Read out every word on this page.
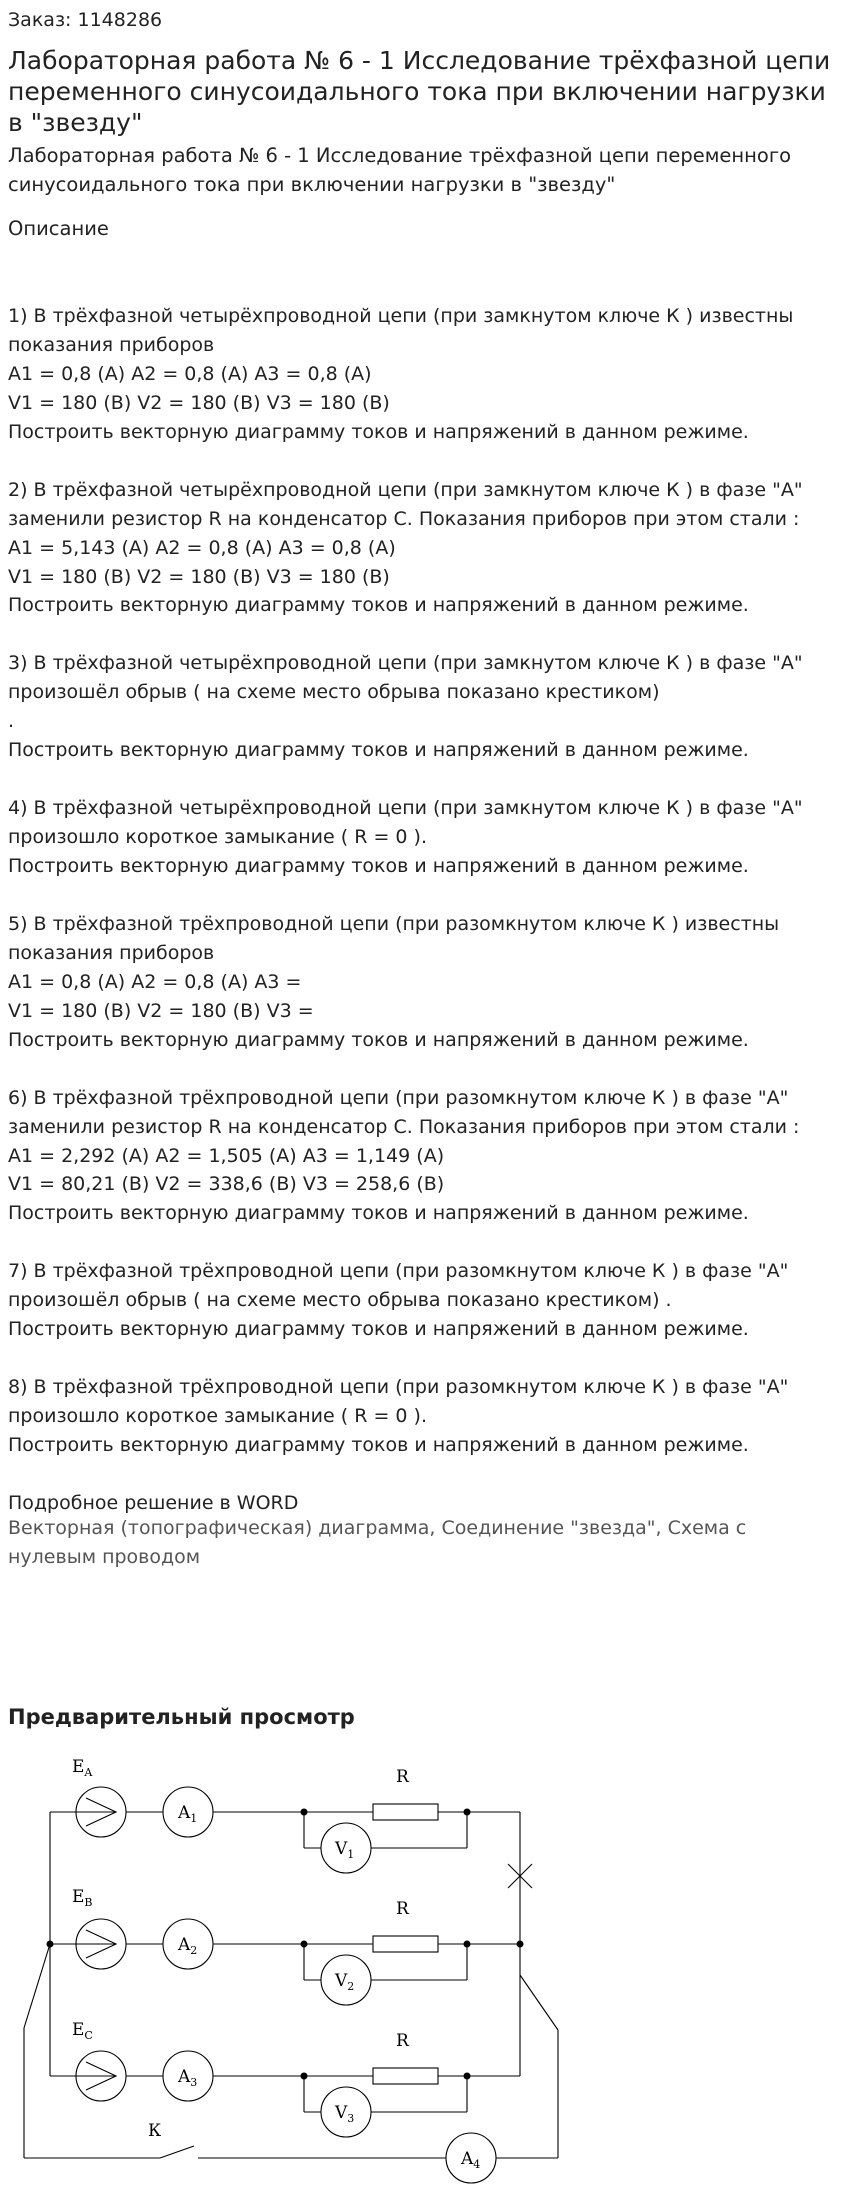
Заказ: 1148286
Лабораторная работа № 6 - 1 Исследование трёхфазной цепи переменного синусоидального тока при включении нагрузки в "звезду"
Лабораторная работа № 6 - 1 Исследование трёхфазной цепи переменного синусоидального тока при включении нагрузки в "звезду"
Описание
1) В трёхфазной четырёхпроводной цепи (при замкнутом ключе К ) известны показания приборов
A1 = 0,8 (A) A2 = 0,8 (A) A3 = 0,8 (A)
V1 = 180 (B) V2 = 180 (B) V3 = 180 (B)
Построить векторную диаграмму токов и напряжений в данном режиме.
2) В трёхфазной четырёхпроводной цепи (при замкнутом ключе К ) в фазе "A" заменили резистор R на конденсатор C. Показания приборов при этом стали :
A1 = 5,143 (A) A2 = 0,8 (A) A3 = 0,8 (A)
V1 = 180 (B) V2 = 180 (B) V3 = 180 (B)
Построить векторную диаграмму токов и напряжений в данном режиме.
3) В трёхфазной четырёхпроводной цепи (при замкнутом ключе К ) в фазе "A" произошёл обрыв ( на схеме место обрыва показано крестиком)
.
Построить векторную диаграмму токов и напряжений в данном режиме.
4) В трёхфазной четырёхпроводной цепи (при замкнутом ключе К ) в фазе "A" произошло короткое замыкание ( R = 0 ).
Построить векторную диаграмму токов и напряжений в данном режиме.
5) В трёхфазной трёхпроводной цепи (при разомкнутом ключе К ) известны показания приборов
A1 = 0,8 (A) A2 = 0,8 (A) A3 =
V1 = 180 (B) V2 = 180 (B) V3 =
Построить векторную диаграмму токов и напряжений в данном режиме.
6) В трёхфазной трёхпроводной цепи (при разомкнутом ключе К ) в фазе "A" заменили резистор R на конденсатор C. Показания приборов при этом стали :
A1 = 2,292 (A) A2 = 1,505 (A) A3 = 1,149 (A)
V1 = 80,21 (B) V2 = 338,6 (B) V3 = 258,6 (B)
Построить векторную диаграмму токов и напряжений в данном режиме.
7) В трёхфазной трёхпроводной цепи (при разомкнутом ключе К ) в фазе "A" произошёл обрыв ( на схеме место обрыва показано крестиком) .
Построить векторную диаграмму токов и напряжений в данном режиме.
8) В трёхфазной трёхпроводной цепи (при разомкнутом ключе К ) в фазе "A" произошло короткое замыкание ( R = 0 ).
Построить векторную диаграмму токов и напряжений в данном режиме.
Подробное решение в WORD
Векторная (топографическая) диаграмма, Соединение "звезда", Схема с нулевым проводом
Предварительный просмотр
$E_A$
$E_B$
$E_C$
$A_1$
$A_2$
$A_3$
$A_4$
R
R
R
$V_1$
$V_2$
$V_3$
К
